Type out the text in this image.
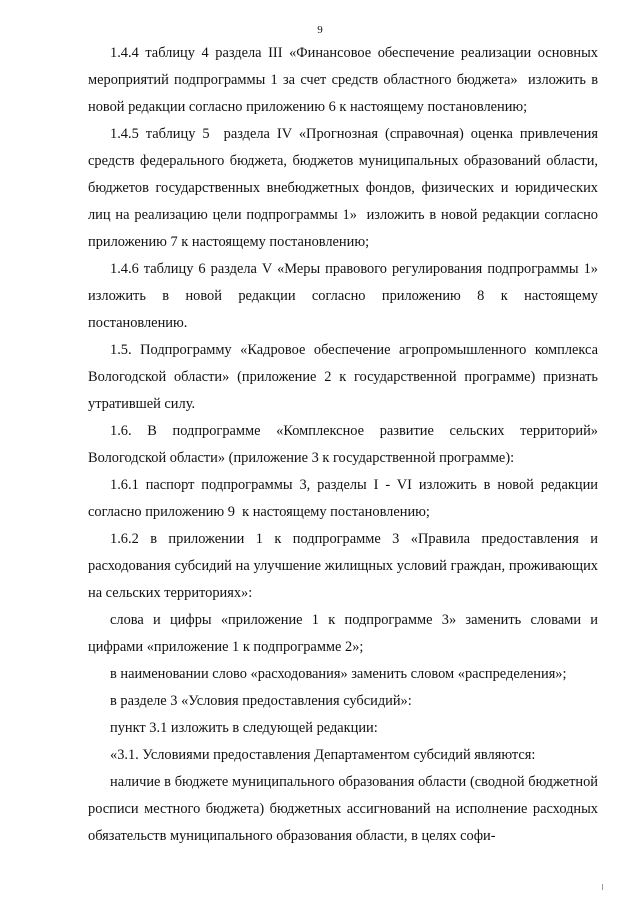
9

1.4.4 таблицу 4 раздела III «Финансовое обеспечение реализации основных мероприятий подпрограммы 1 за счет средств областного бюджета»  изложить в новой редакции согласно приложению 6 к настоящему постановлению;

1.4.5 таблицу 5  раздела IV «Прогнозная (справочная) оценка привлечения средств федерального бюджета, бюджетов муниципальных образований области, бюджетов государственных внебюджетных фондов, физических и юридических лиц на реализацию цели подпрограммы 1»  изложить в новой редакции согласно приложению 7 к настоящему постановлению;

1.4.6 таблицу 6 раздела V «Меры правового регулирования подпрограммы 1» изложить в новой редакции согласно приложению 8 к настоящему постановлению.

1.5. Подпрограмму «Кадровое обеспечение агропромышленного комплекса Вологодской области» (приложение 2 к государственной программе) признать утратившей силу.

1.6. В подпрограмме «Комплексное развитие сельских территорий» Вологодской области» (приложение 3 к государственной программе):

1.6.1 паспорт подпрограммы 3, разделы I - VI изложить в новой редакции согласно приложению 9  к настоящему постановлению;

1.6.2 в приложении 1 к подпрограмме 3 «Правила предоставления и расходования субсидий на улучшение жилищных условий граждан, проживающих на сельских территориях»:

слова и цифры «приложение 1 к подпрограмме 3» заменить словами и цифрами «приложение 1 к подпрограмме 2»;

в наименовании слово «расходования» заменить словом «распределения»;

в разделе 3 «Условия предоставления субсидий»:

пункт 3.1 изложить в следующей редакции:

«3.1. Условиями предоставления Департаментом субсидий являются:

наличие в бюджете муниципального образования области (сводной бюджетной росписи местного бюджета) бюджетных ассигнований на исполнение расходных обязательств муниципального образования области, в целях софи-
